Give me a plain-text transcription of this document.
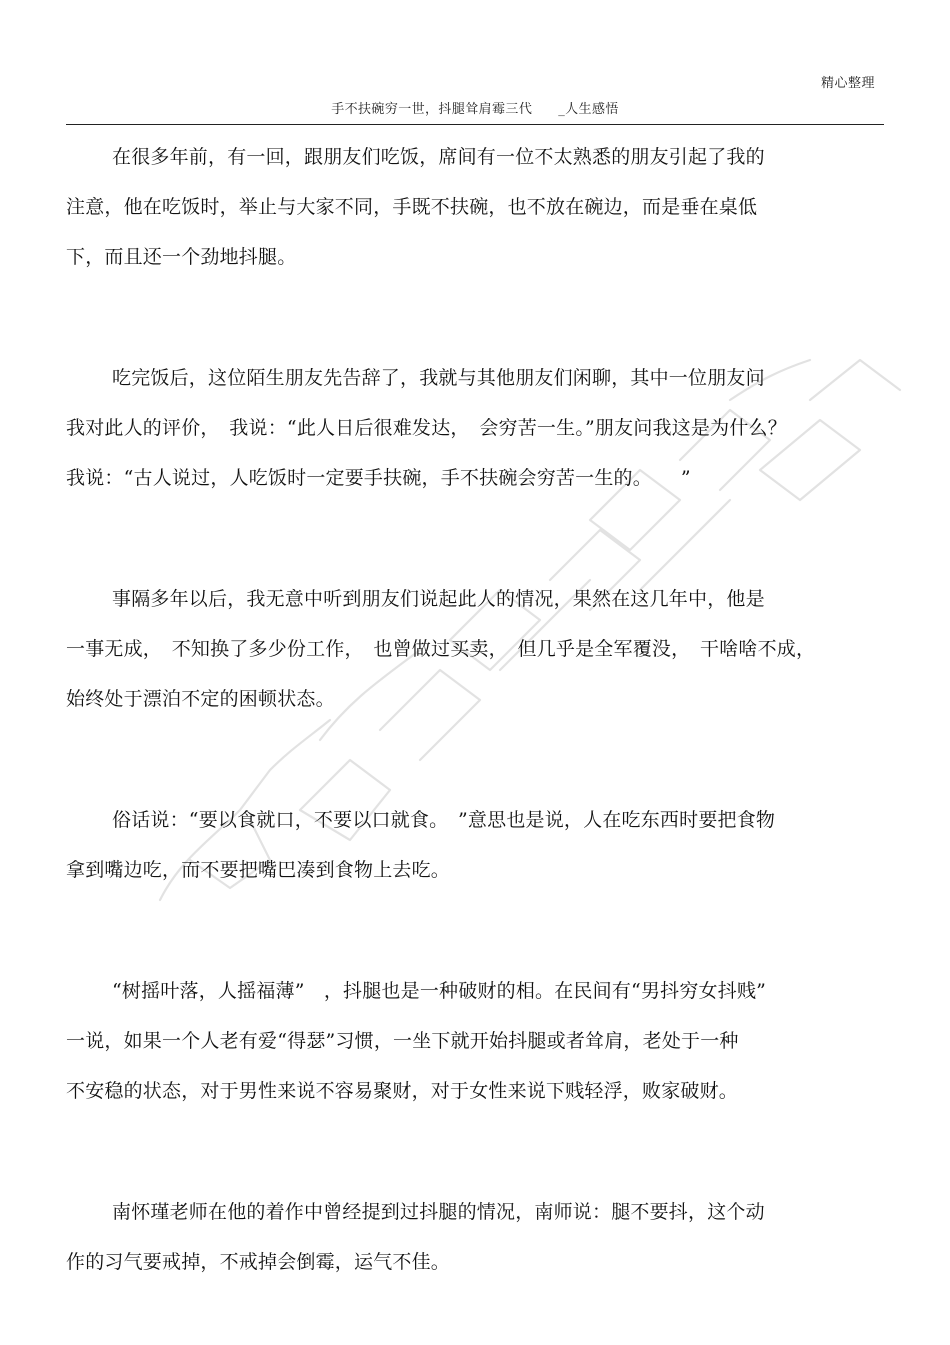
精心整理
手不扶碗穷一世，抖腿耸肩霉三代 _人生感悟

在很多年前，有一回，跟朋友们吃饭，席间有一位不太熟悉的朋友引起了我的
注意，他在吃饭时，举止与大家不同，手既不扶碗，也不放在碗边，而是垂在桌低
下，而且还一个劲地抖腿。

吃完饭后，这位陌生朋友先告辞了，我就与其他朋友们闲聊，其中一位朋友问
我对此人的评价，　我说：“此人日后很难发达，　会穷苦一生。”朋友问我这是为什么？
我说：“古人说过，人吃饭时一定要手扶碗，手不扶碗会穷苦一生的。　　”

事隔多年以后，我无意中听到朋友们说起此人的情况，果然在这几年中，他是
一事无成，　不知换了多少份工作，　也曾做过买卖，　但几乎是全军覆没，　干啥啥不成，
始终处于漂泊不定的困顿状态。

俗话说：“要以食就口，不要以口就食。　”意思也是说，人在吃东西时要把食物
拿到嘴边吃，而不要把嘴巴凑到食物上去吃。

“树摇叶落，人摇福薄”　，抖腿也是一种破财的相。在民间有“男抖穷女抖贱”
一说，如果一个人老有爱“得瑟”习惯，一坐下就开始抖腿或者耸肩，老处于一种
不安稳的状态，对于男性来说不容易聚财，对于女性来说下贱轻浮，败家破财。

南怀瑾老师在他的着作中曾经提到过抖腿的情况，南师说：腿不要抖，这个动
作的习气要戒掉，不戒掉会倒霉，运气不佳。
